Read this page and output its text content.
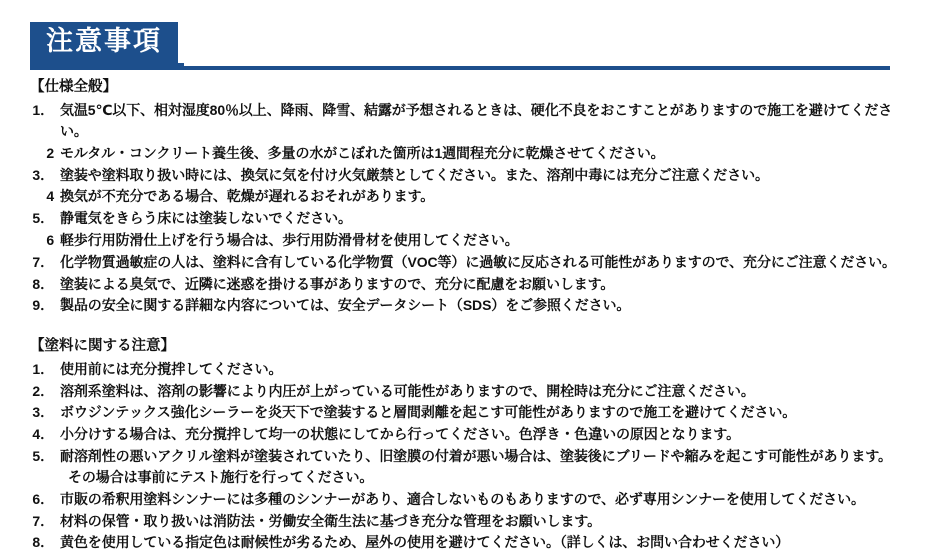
注意事項
【仕様全般】
1． 気温5℃以下、相対湿度80％以上、降雨、降雪、結露が予想されるときは、硬化不良をおこすことがありますので施工を避けてください。
2 モルタル・コンクリート養生後、多量の水がこぼれた箇所は1週間程充分に乾燥させてください。
3． 塗装や塗料取り扱い時には、換気に気を付け火気厳禁としてください。また、溶剤中毒には充分ご注意ください。
4 換気が不充分である場合、乾燥が遅れるおそれがあります。
5． 静電気をきらう床には塗装しないでください。
6 軽歩行用防滑仕上げを行う場合は、歩行用防滑骨材を使用してください。
7． 化学物質過敏症の人は、塗料に含有している化学物質（VOC等）に過敏に反応される可能性がありますので、充分にご注意ください。
8． 塗装による臭気で、近隣に迷惑を掛ける事がありますので、充分に配慮をお願いします。
9． 製品の安全に関する詳細な内容については、安全データシート（SDS）をご参照ください。
【塗料に関する注意】
1． 使用前には充分撹拌してください。
2． 溶剤系塗料は、溶剤の影響により内圧が上がっている可能性がありますので、開栓時は充分にご注意ください。
3． ボウジンテックス強化シーラーを炎天下で塗装すると層間剥離を起こす可能性がありますので施工を避けてください。
4． 小分けする場合は、充分撹拌して均一の状態にしてから行ってください。色浮き・色違いの原因となります。
5． 耐溶剤性の悪いアクリル塗料が塗装されていたり、旧塗膜の付着が悪い場合は、塗装後にブリードや縮みを起こす可能性があります。
その場合は事前にテスト施行を行ってください。
6． 市販の希釈用塗料シンナーには多種のシンナーがあり、適合しないものもありますので、必ず専用シンナーを使用してください。
7． 材料の保管・取り扱いは消防法・労働安全衛生法に基づき充分な管理をお願いします。
8． 黄色を使用している指定色は耐候性が劣るため、屋外の使用を避けてください。（詳しくは、お問い合わせください）
